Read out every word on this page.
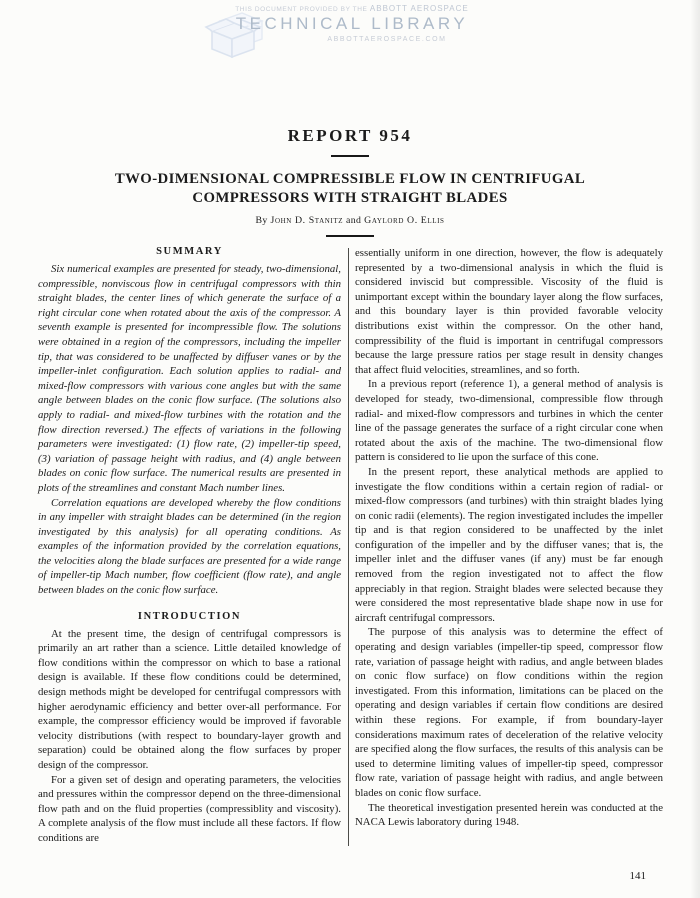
THIS DOCUMENT PROVIDED BY THE ABBOTT AEROSPACE
TECHNICAL LIBRARY
ABBOTTAEROSPACE.COM
REPORT 954
TWO-DIMENSIONAL COMPRESSIBLE FLOW IN CENTRIFUGAL
COMPRESSORS WITH STRAIGHT BLADES
By John D. Stanitz and Gaylord O. Ellis
SUMMARY

Six numerical examples are presented for steady, two-dimensional, compressible, nonviscous flow in centrifugal compressors with thin straight blades, the center lines of which generate the surface of a right circular cone when rotated about the axis of the compressor. A seventh example is presented for incompressible flow. The solutions were obtained in a region of the compressors, including the impeller tip, that was considered to be unaffected by diffuser vanes or by the impeller-inlet configuration. Each solution applies to radial- and mixed-flow compressors with various cone angles but with the same angle between blades on the conic flow surface. (The solutions also apply to radial- and mixed-flow turbines with the rotation and the flow direction reversed.) The effects of variations in the following parameters were investigated: (1) flow rate, (2) impeller-tip speed, (3) variation of passage height with radius, and (4) angle between blades on conic flow surface. The numerical results are presented in plots of the streamlines and constant Mach number lines.

Correlation equations are developed whereby the flow conditions in any impeller with straight blades can be determined (in the region investigated by this analysis) for all operating conditions. As examples of the information provided by the correlation equations, the velocities along the blade surfaces are presented for a wide range of impeller-tip Mach number, flow coefficient (flow rate), and angle between blades on the conic flow surface.

INTRODUCTION

At the present time, the design of centrifugal compressors is primarily an art rather than a science. Little detailed knowledge of flow conditions within the compressor on which to base a rational design is available. If these flow conditions could be determined, design methods might be developed for centrifugal compressors with higher aerodynamic efficiency and better over-all performance. For example, the compressor efficiency would be improved if favorable velocity distributions (with respect to boundary-layer growth and separation) could be obtained along the flow surfaces by proper design of the compressor.

For a given set of design and operating parameters, the velocities and pressures within the compressor depend on the three-dimensional flow path and on the fluid properties (compressiblity and viscosity). A complete analysis of the flow must include all these factors. If flow conditions are

essentially uniform in one direction, however, the flow is adequately represented by a two-dimensional analysis in which the fluid is considered inviscid but compressible. Viscosity of the fluid is unimportant except within the boundary layer along the flow surfaces, and this boundary layer is thin provided favorable velocity distributions exist within the compressor. On the other hand, compressibility of the fluid is important in centrifugal compressors because the large pressure ratios per stage result in density changes that affect fluid velocities, streamlines, and so forth.

In a previous report (reference 1), a general method of analysis is developed for steady, two-dimensional, compressible flow through radial- and mixed-flow compressors and turbines in which the center line of the passage generates the surface of a right circular cone when rotated about the axis of the machine. The two-dimensional flow pattern is considered to lie upon the surface of this cone.

In the present report, these analytical methods are applied to investigate the flow conditions within a certain region of radial- or mixed-flow compressors (and turbines) with thin straight blades lying on conic radii (elements). The region investigated includes the impeller tip and is that region considered to be unaffected by the inlet configuration of the impeller and by the diffuser vanes; that is, the impeller inlet and the diffuser vanes (if any) must be far enough removed from the region investigated not to affect the flow appreciably in that region. Straight blades were selected because they were considered the most representative blade shape now in use for aircraft centrifugal compressors.

The purpose of this analysis was to determine the effect of operating and design variables (impeller-tip speed, compressor flow rate, variation of passage height with radius, and angle between blades on conic flow surface) on flow conditions within the region investigated. From this information, limitations can be placed on the operating and design variables if certain flow conditions are desired within these regions. For example, if from boundary-layer considerations maximum rates of deceleration of the relative velocity are specified along the flow surfaces, the results of this analysis can be used to determine limiting values of impeller-tip speed, compressor flow rate, variation of passage height with radius, and angle between blades on conic flow surface.

The theoretical investigation presented herein was conducted at the NACA Lewis laboratory during 1948.

141
